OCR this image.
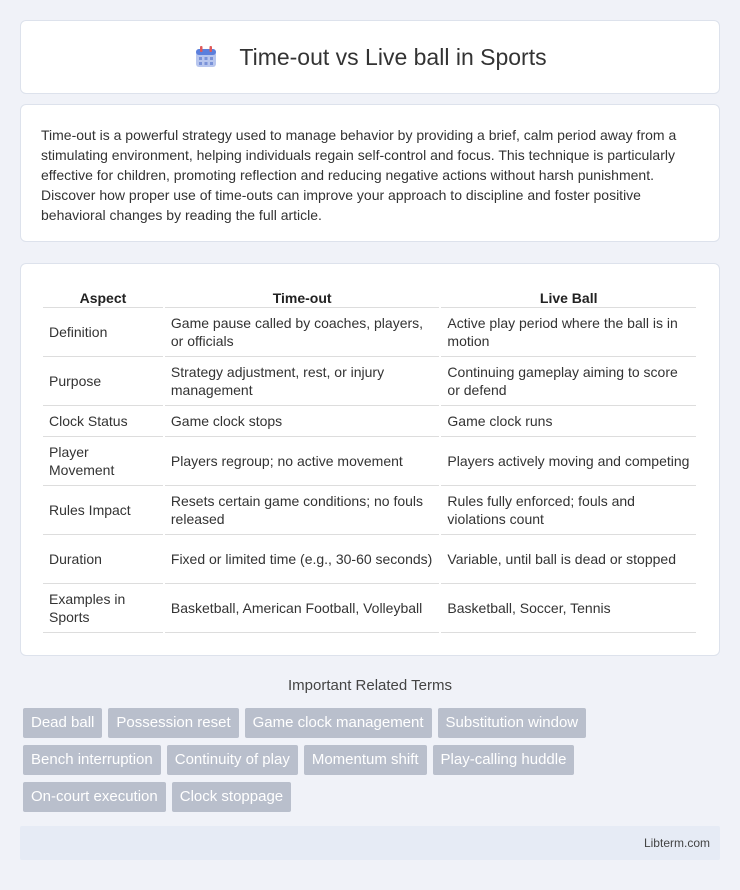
Time-out vs Live ball in Sports

Time-out is a powerful strategy used to manage behavior by providing a brief, calm period away from a stimulating environment, helping individuals regain self-control and focus. This technique is particularly effective for children, promoting reflection and reducing negative actions without harsh punishment. Discover how proper use of time-outs can improve your approach to discipline and foster positive behavioral changes by reading the full article.

Aspect	Time-out	Live Ball
Definition	Game pause called by coaches, players, or officials	Active play period where the ball is in motion
Purpose	Strategy adjustment, rest, or injury management	Continuing gameplay aiming to score or defend
Clock Status	Game clock stops	Game clock runs
Player Movement	Players regroup; no active movement	Players actively moving and competing
Rules Impact	Resets certain game conditions; no fouls released	Rules fully enforced; fouls and violations count
Duration	Fixed or limited time (e.g., 30-60 seconds)	Variable, until ball is dead or stopped
Examples in Sports	Basketball, American Football, Volleyball	Basketball, Soccer, Tennis
Important Related Terms
Dead ball	Possession reset	Game clock management	Substitution window
Bench interruption	Continuity of play	Momentum shift	Play-calling huddle
On-court execution	Clock stoppage
Libterm.com
